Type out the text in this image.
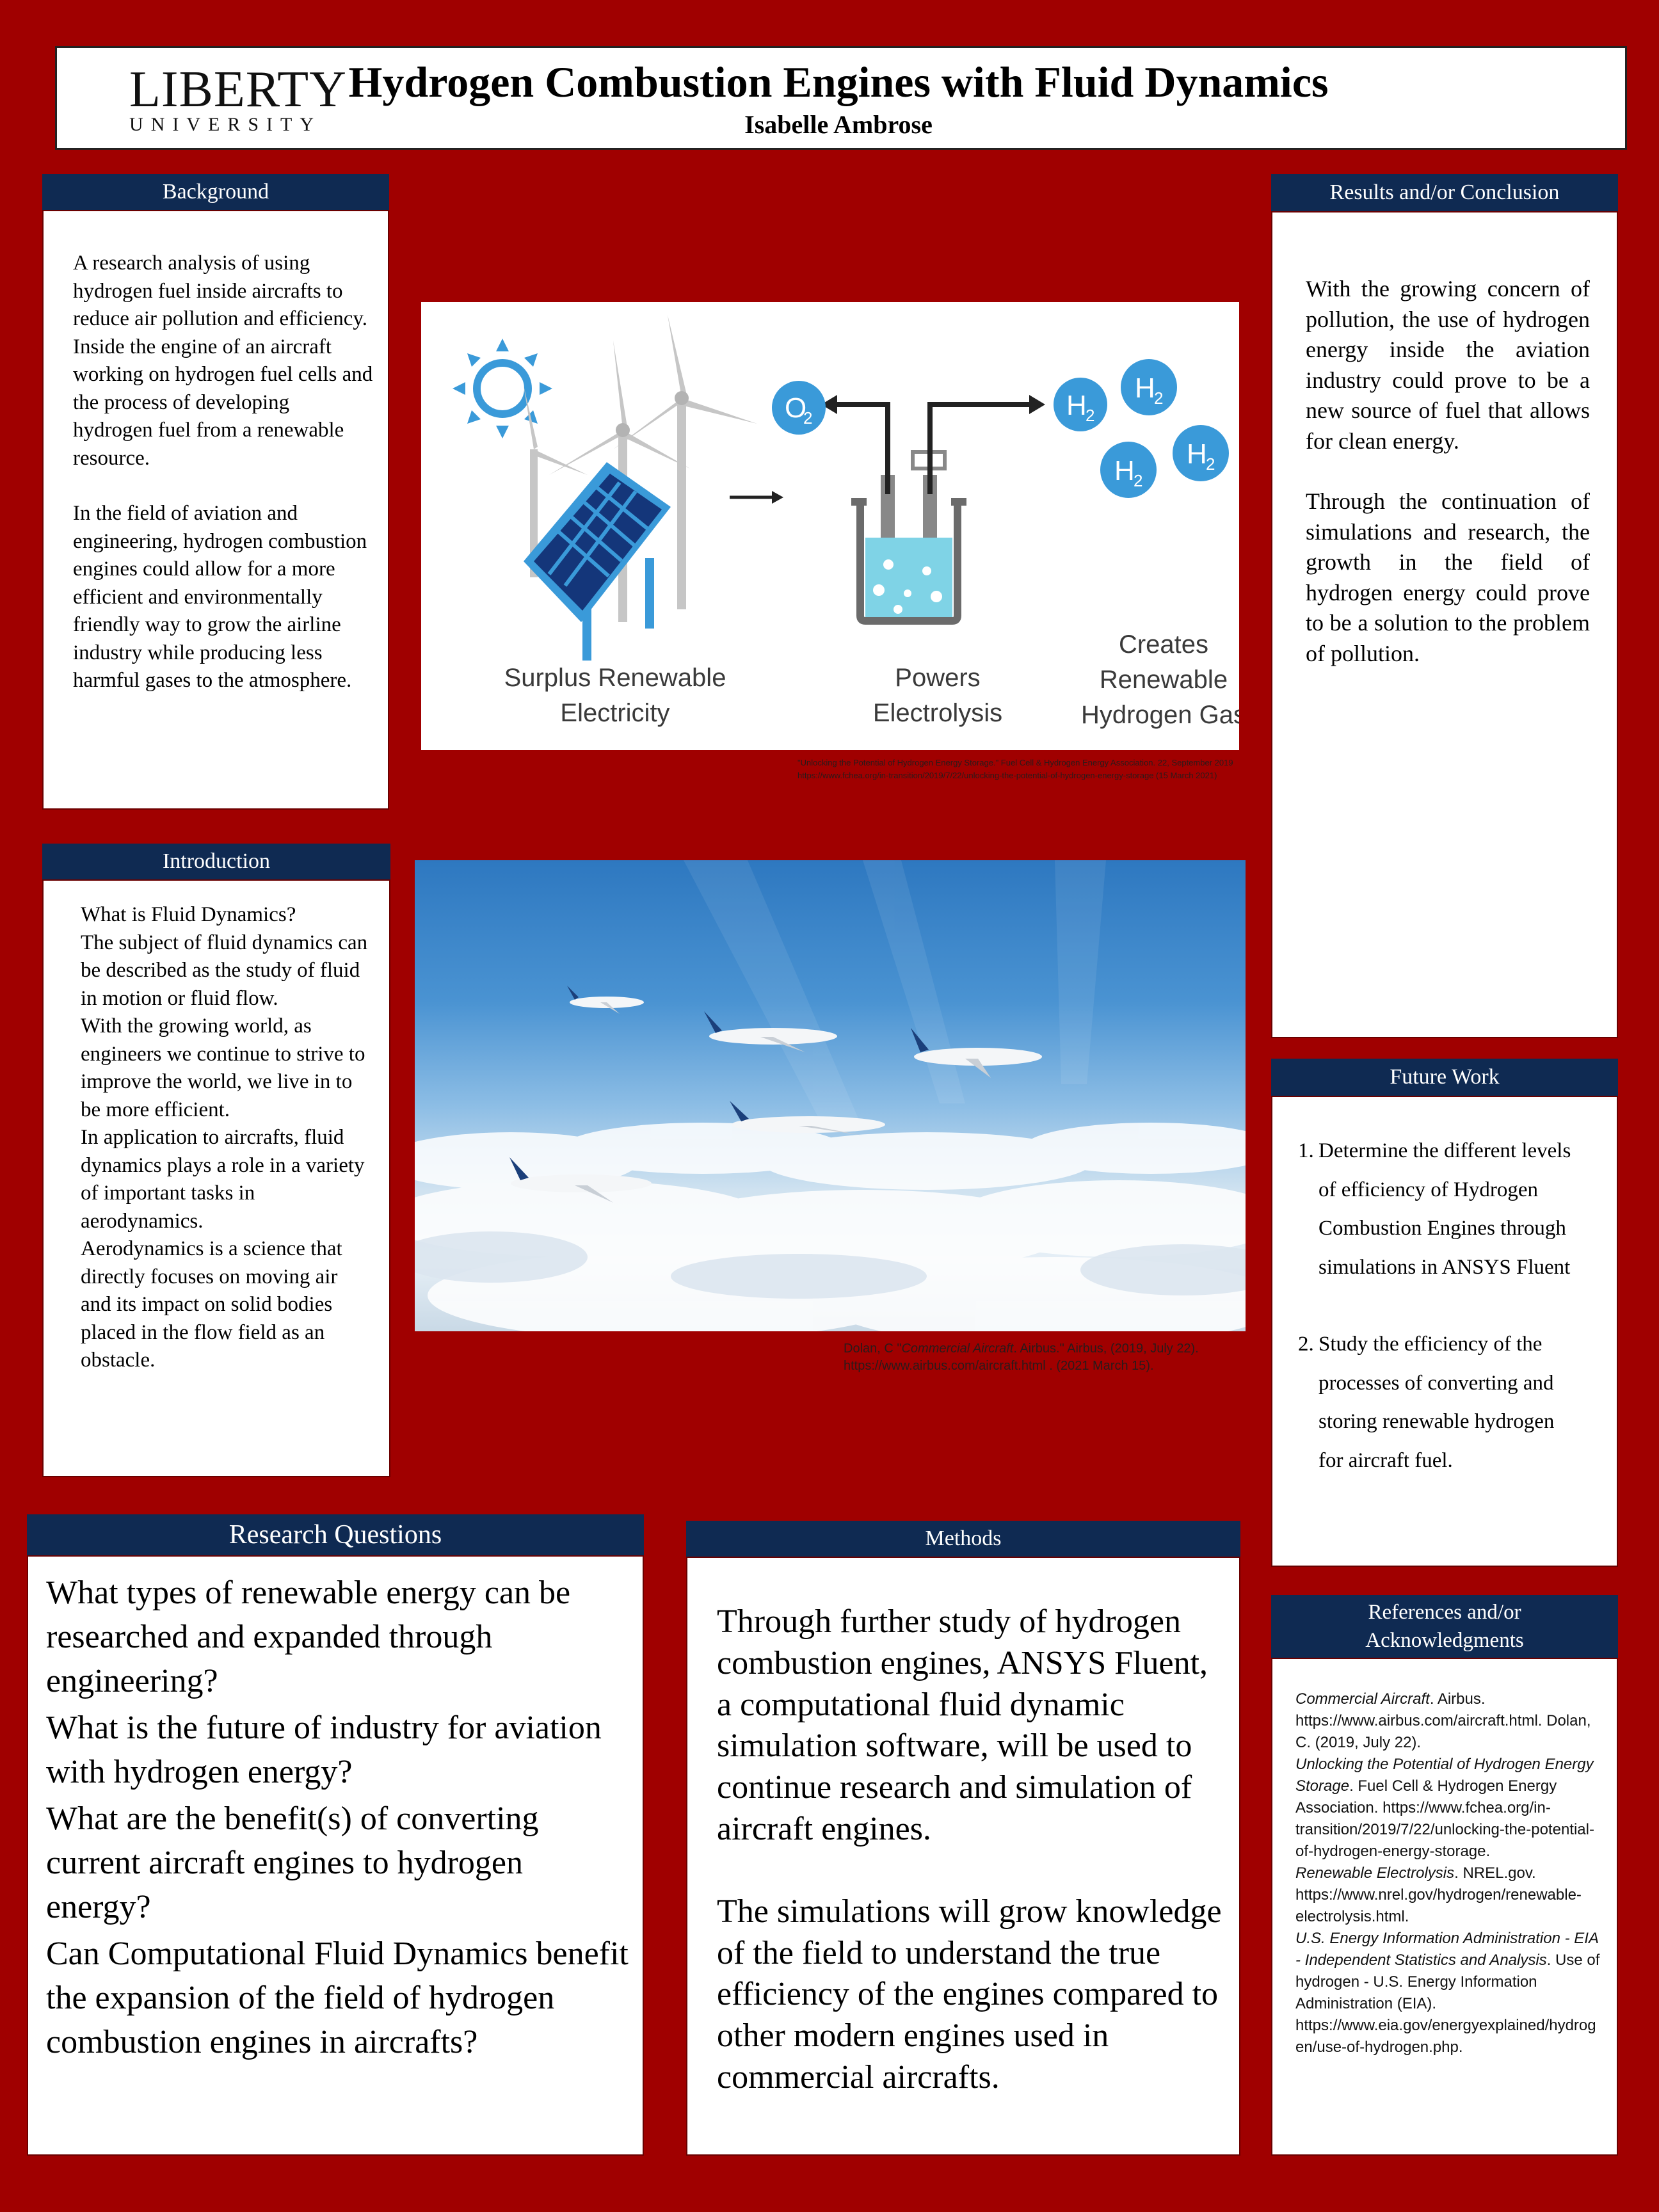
LIBERTY
UNIVERSITY
Hydrogen Combustion Engines with Fluid Dynamics
Isabelle Ambrose
Background

A research analysis of using hydrogen fuel inside aircrafts to reduce air pollution and efficiency. Inside the engine of an aircraft working on hydrogen fuel cells and the process of developing hydrogen fuel from a renewable resource.

In the field of aviation and engineering, hydrogen combustion engines could allow for a more efficient and environmentally friendly way to grow the airline industry while producing less harmful gases to the atmosphere.

O
2	H
2
H
2
H
2
H
2
Surplus Renewable
Electricity
Powers
Electrolysis
Creates
Renewable
Hydrogen Gas
"Unlocking the Potential of Hydrogen Energy Storage." Fuel Cell & Hydrogen Energy Association. 22, September 2019 https://www.fchea.org/in-transition/2019/7/22/unlocking-the-potential-of-hydrogen-energy-storage (15 March 2021)
Introduction

What is Fluid Dynamics?

The subject of fluid dynamics can be described as the study of fluid in motion or fluid flow.

With the growing world, as engineers we continue to strive to improve the world, we live in to be more efficient.

In application to aircrafts, fluid dynamics plays a role in a variety of important tasks in aerodynamics.

Aerodynamics is a science that directly focuses on moving air and its impact on solid bodies placed in the flow field as an obstacle.	Dolan, C "Commercial Aircraft. Airbus." Airbus, (2019, July 22).
https://www.airbus.com/aircraft.html . (2021 March 15).
Results and/or Conclusion

With the growing concern of pollution, the use of hydrogen energy inside the aviation industry could prove to be a new source of fuel that allows for clean energy.

Through the continuation of simulations and research, the growth in the field of hydrogen energy could prove to be a solution to the problem of pollution.

Future Work
1. Determine the different levels of efficiency of Hydrogen Combustion Engines through simulations in ANSYS Fluent
2. Study the efficiency of the processes of converting and storing renewable hydrogen for aircraft fuel.
Research Questions

What types of renewable energy can be researched and expanded through engineering?

What is the future of industry for aviation with hydrogen energy?

What are the benefit(s) of converting current aircraft engines to hydrogen energy?

Can Computational Fluid Dynamics benefit the expansion of the field of hydrogen combustion engines in aircrafts?

Methods

Through further study of hydrogen combustion engines, ANSYS Fluent, a computational fluid dynamic simulation software, will be used to continue research and simulation of aircraft engines.

The simulations will grow knowledge of the field to understand the true efficiency of the engines compared to other modern engines used in commercial aircrafts.

References and/or
Acknowledgments

Commercial Aircraft. Airbus. https://www.airbus.com/aircraft.html. Dolan, C. (2019, July 22).

Unlocking the Potential of Hydrogen Energy Storage. Fuel Cell & Hydrogen Energy Association. https://www.fchea.org/in-transition/2019/7/22/unlocking-the-potential-of-hydrogen-energy-storage.

Renewable Electrolysis. NREL.gov. https://www.nrel.gov/hydrogen/renewable-electrolysis.html.

U.S. Energy Information Administration - EIA - Independent Statistics and Analysis. Use of hydrogen - U.S. Energy Information Administration (EIA). https://www.eia.gov/energyexplained/hydrogen/use-of-hydrogen.php.
